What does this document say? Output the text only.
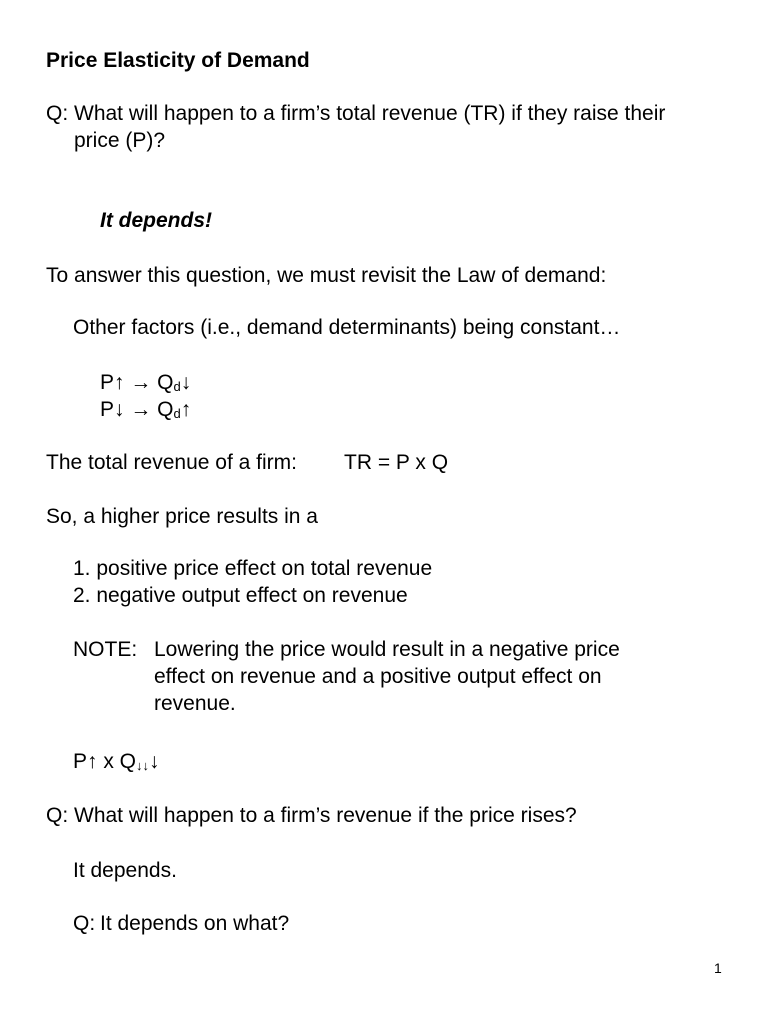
Price Elasticity of Demand
Q: What will happen to a firm’s total revenue (TR) if they raise their
price (P)?
It depends!
To answer this question, we must revisit the Law of demand:
Other factors (i.e., demand determinants) being constant…
P↑ → Qd↓
P↓ → Qd↑
The total revenue of a firm: TR = P x Q
So, a higher price results in a
1. positive price effect on total revenue
2. negative output effect on revenue
NOTE: Lowering the price would result in a negative price
effect on revenue and a positive output effect on
revenue.
P↑ x Q↓↓↓
Q: What will happen to a firm’s revenue if the price rises?
It depends.
Q: It depends on what?
1
